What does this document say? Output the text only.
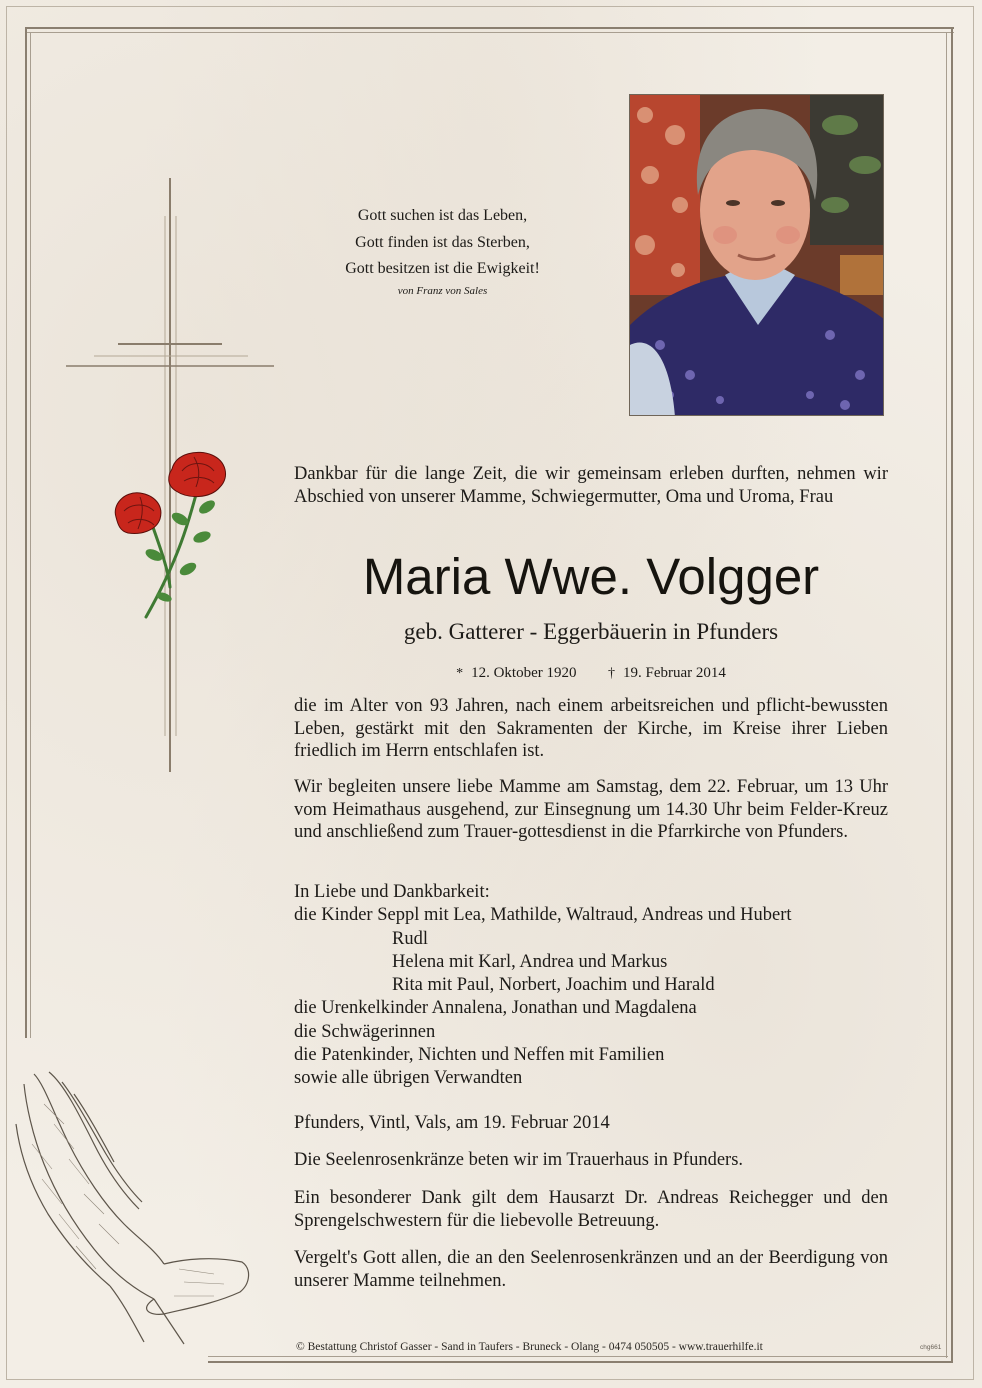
Gott suchen ist das Leben,
Gott finden ist das Sterben,
Gott besitzen ist die Ewigkeit!
von Franz von Sales
Dankbar für die lange Zeit, die wir gemeinsam erleben durften, nehmen wir Abschied von unserer Mamme, Schwiegermutter, Oma und Uroma, Frau
Maria Wwe. Volgger
geb. Gatterer - Eggerbäuerin in Pfunders
* 12. Oktober 1920 † 19. Februar 2014
die im Alter von 93 Jahren, nach einem arbeitsreichen und pflicht-bewussten Leben, gestärkt mit den Sakramenten der Kirche, im Kreise ihrer Lieben friedlich im Herrn entschlafen ist.
Wir begleiten unsere liebe Mamme am Samstag, dem 22. Februar, um 13 Uhr vom Heimathaus ausgehend, zur Einsegnung um 14.30 Uhr beim Felder-Kreuz und anschließend zum Trauer-gottesdienst in die Pfarrkirche von Pfunders.
In Liebe und Dankbarkeit:
die Kinder Seppl mit Lea, Mathilde, Waltraud, Andreas und Hubert
Rudl
Helena mit Karl, Andrea und Markus
Rita mit Paul, Norbert, Joachim und Harald
die Urenkelkinder Annalena, Jonathan und Magdalena
die Schwägerinnen
die Patenkinder, Nichten und Neffen mit Familien
sowie alle übrigen Verwandten
Pfunders, Vintl, Vals, am 19. Februar 2014
Die Seelenrosenkränze beten wir im Trauerhaus in Pfunders.
Ein besonderer Dank gilt dem Hausarzt Dr. Andreas Reichegger und den Sprengelschwestern für die liebevolle Betreuung.
Vergelt's Gott allen, die an den Seelenrosenkränzen und an der Beerdigung von unserer Mamme teilnehmen.
© Bestattung Christof Gasser - Sand in Taufers - Bruneck - Olang - 0474 050505 - www.trauerhilfe.it	chg661
